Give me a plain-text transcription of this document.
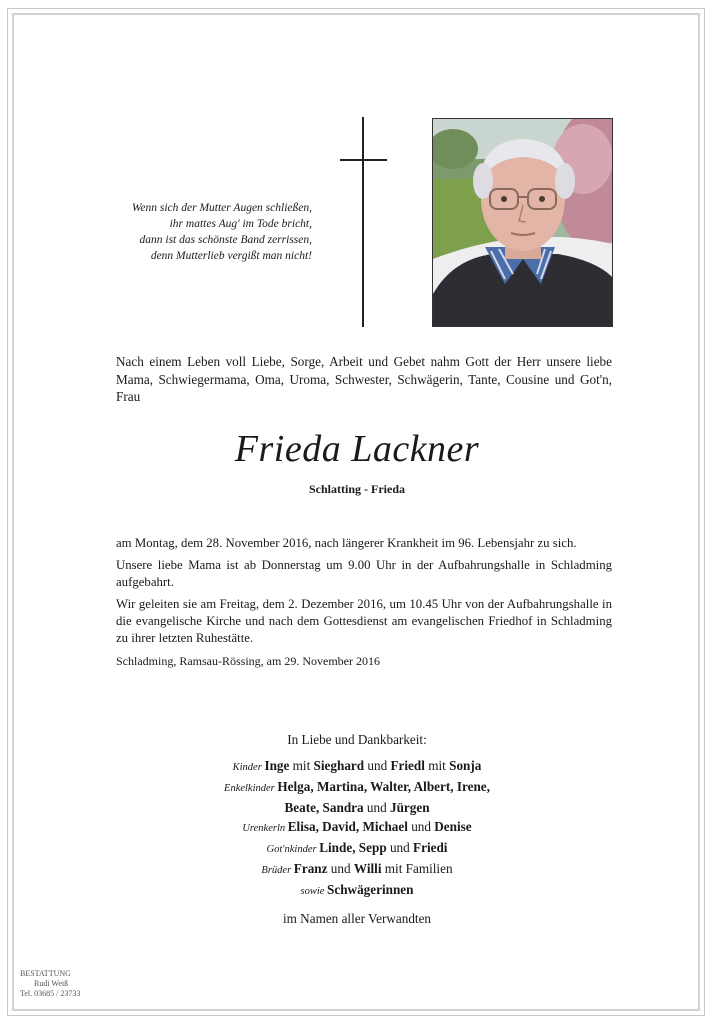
Wenn sich der Mutter Augen schließen,
ihr mattes Aug' im Tode bricht,
dann ist das schönste Band zerrissen,
denn Mutterlieb vergißt man nicht!
Nach einem Leben voll Liebe, Sorge, Arbeit und Gebet nahm Gott der Herr unsere liebe Mama, Schwiegermama, Oma, Uroma, Schwester, Schwägerin, Tante, Cousine und Got'n, Frau
Frieda Lackner
Schlatting - Frieda

am Montag, dem 28. November 2016, nach längerer Krankheit im 96. Lebensjahr zu sich.

Unsere liebe Mama ist ab Donnerstag um 9.00 Uhr in der Aufbahrungshalle in Schladming aufgebahrt.

Wir geleiten sie am Freitag, dem 2. Dezember 2016, um 10.45 Uhr von der Aufbahrungshalle in die evangelische Kirche und nach dem Gottesdienst am evangelischen Friedhof in Schladming zu ihrer letzten Ruhestätte.

Schladming, Ramsau-Rössing, am 29. November 2016

In Liebe und Dankbarkeit:
Kinder Inge mit Sieghard und Friedl mit Sonja
Enkelkinder Helga, Martina, Walter, Albert, Irene,
Beate, Sandra und Jürgen
Urenkerln Elisa, David, Michael und Denise
Got'nkinder Linde, Sepp und Friedi
Brüder Franz und Willi mit Familien
sowie Schwägerinnen
im Namen aller Verwandten
BESTATTUNG
Rudi Weiß
Tel. 03685 / 23733
